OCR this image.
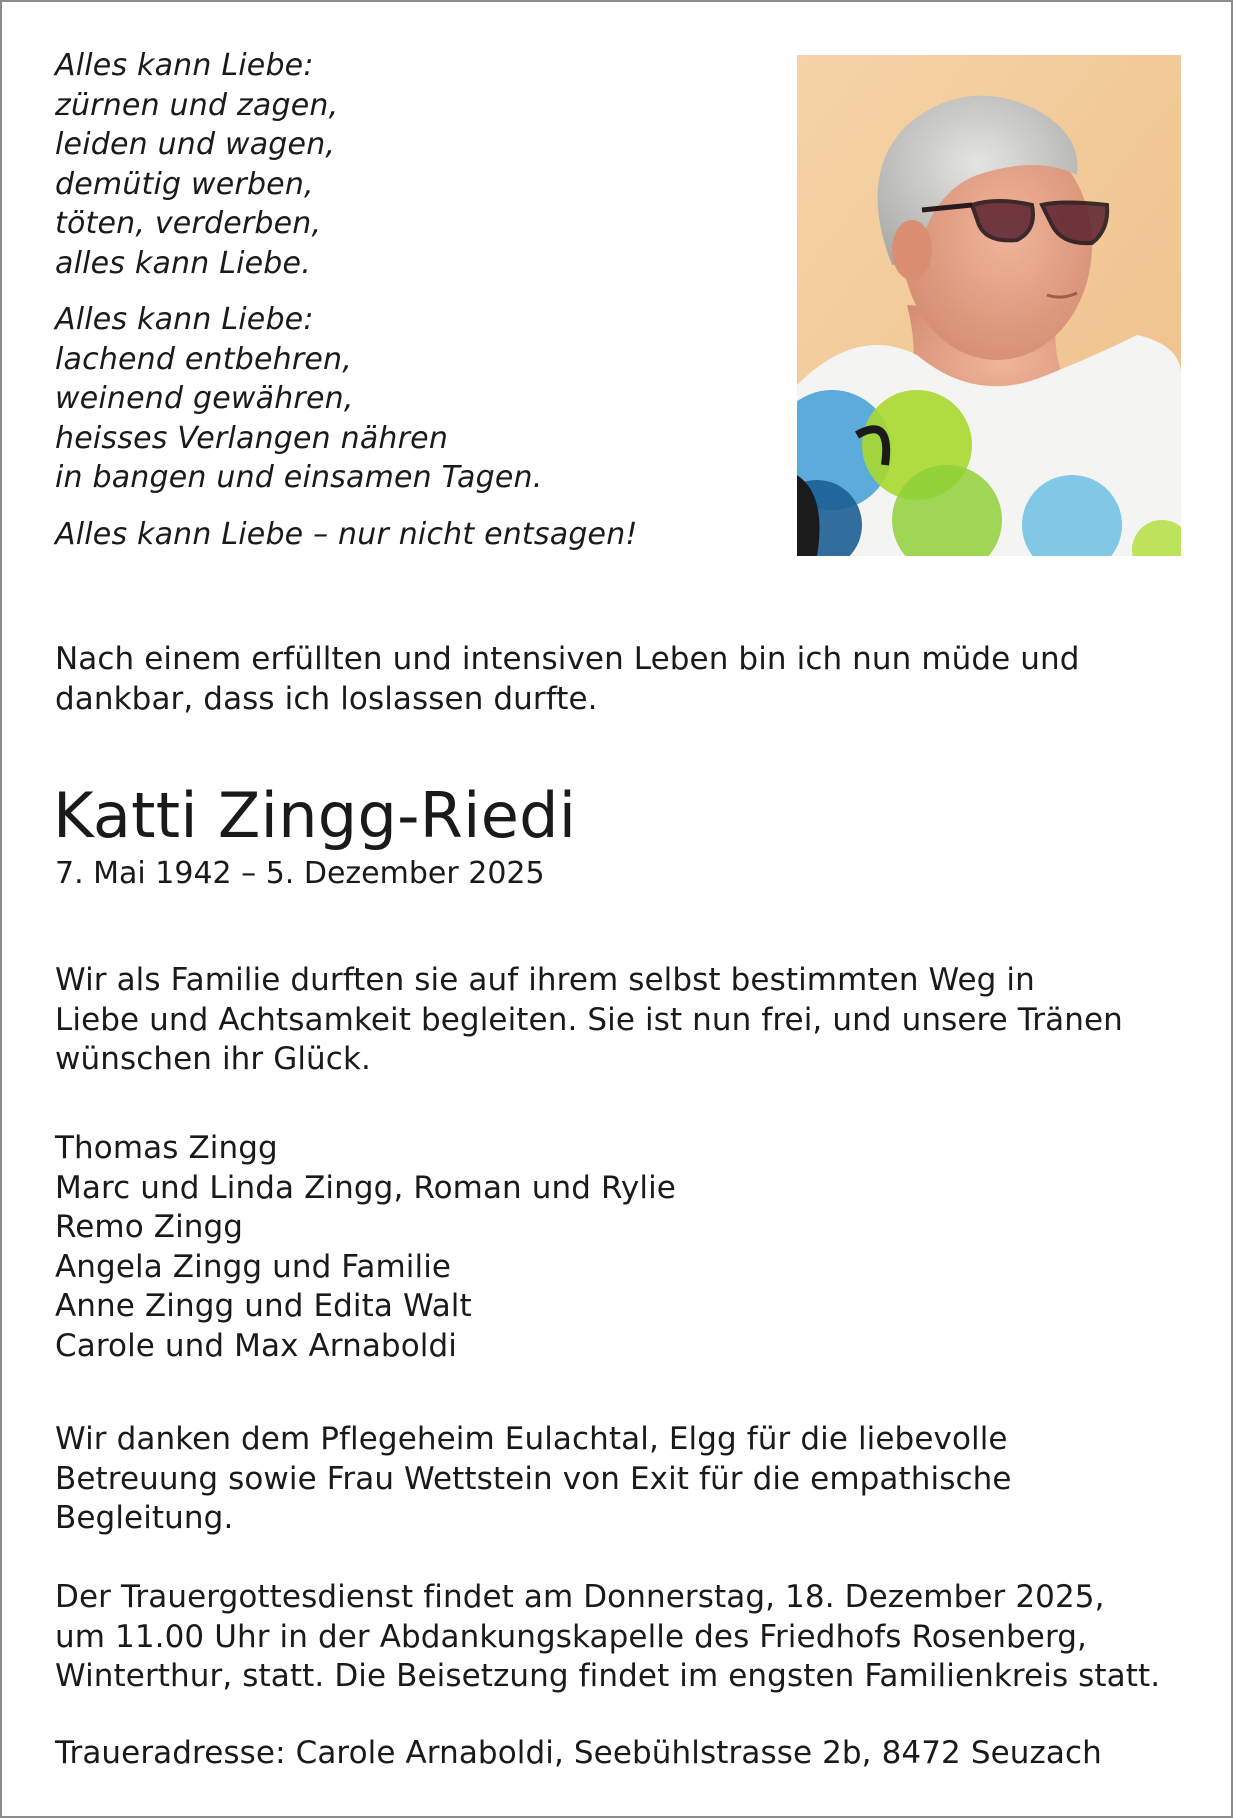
Alles kann Liebe:
zürnen und zagen,
leiden und wagen,
demütig werben,
töten, verderben,
alles kann Liebe.
Alles kann Liebe:
lachend entbehren,
weinend gewähren,
heisses Verlangen nähren
in bangen und einsamen Tagen.
Alles kann Liebe – nur nicht entsagen!
Nach einem erfüllten und intensiven Leben bin ich nun müde und
dankbar, dass ich loslassen durfte.
Katti Zingg-Riedi
7. Mai 1942 – 5. Dezember 2025
Wir als Familie durften sie auf ihrem selbst bestimmten Weg in
Liebe und Achtsamkeit begleiten. Sie ist nun frei, und unsere Tränen
wünschen ihr Glück.
Thomas Zingg
Marc und Linda Zingg, Roman und Rylie
Remo Zingg
Angela Zingg und Familie
Anne Zingg und Edita Walt
Carole und Max Arnaboldi
Wir danken dem Pflegeheim Eulachtal, Elgg für die liebevolle
Betreuung sowie Frau Wettstein von Exit für die empathische
Begleitung.
Der Trauergottesdienst findet am Donnerstag, 18. Dezember 2025,
um 11.00 Uhr in der Abdankungskapelle des Friedhofs Rosenberg,
Winterthur, statt. Die Beisetzung findet im engsten Familienkreis statt.
Traueradresse: Carole Arnaboldi, Seebühlstrasse 2b, 8472 Seuzach
